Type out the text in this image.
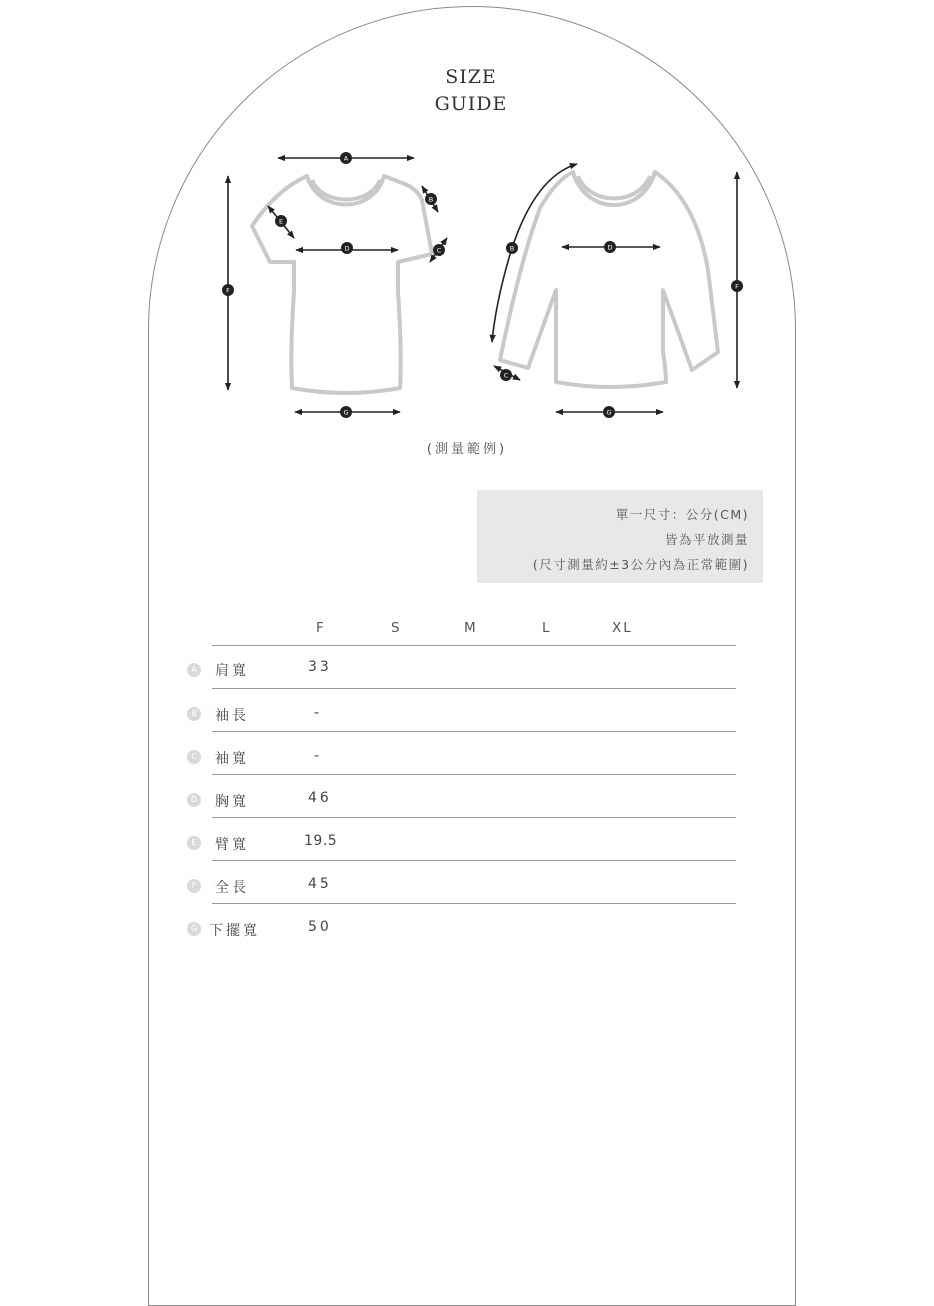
SIZE
GUIDE
A
F
D
G
E
B
C	B	D
F
G
C
(測量範例)
單一尺寸：公分(CM)
皆為平放測量
(尺寸測量約±3公分內為正常範圍)
F	S	M	L	XL
A	肩寬	33
B	袖長	-
C	袖寬	-
D 胸寬	46
E	臂寬	19.5
F	全長	45
G 下擺寬	50
